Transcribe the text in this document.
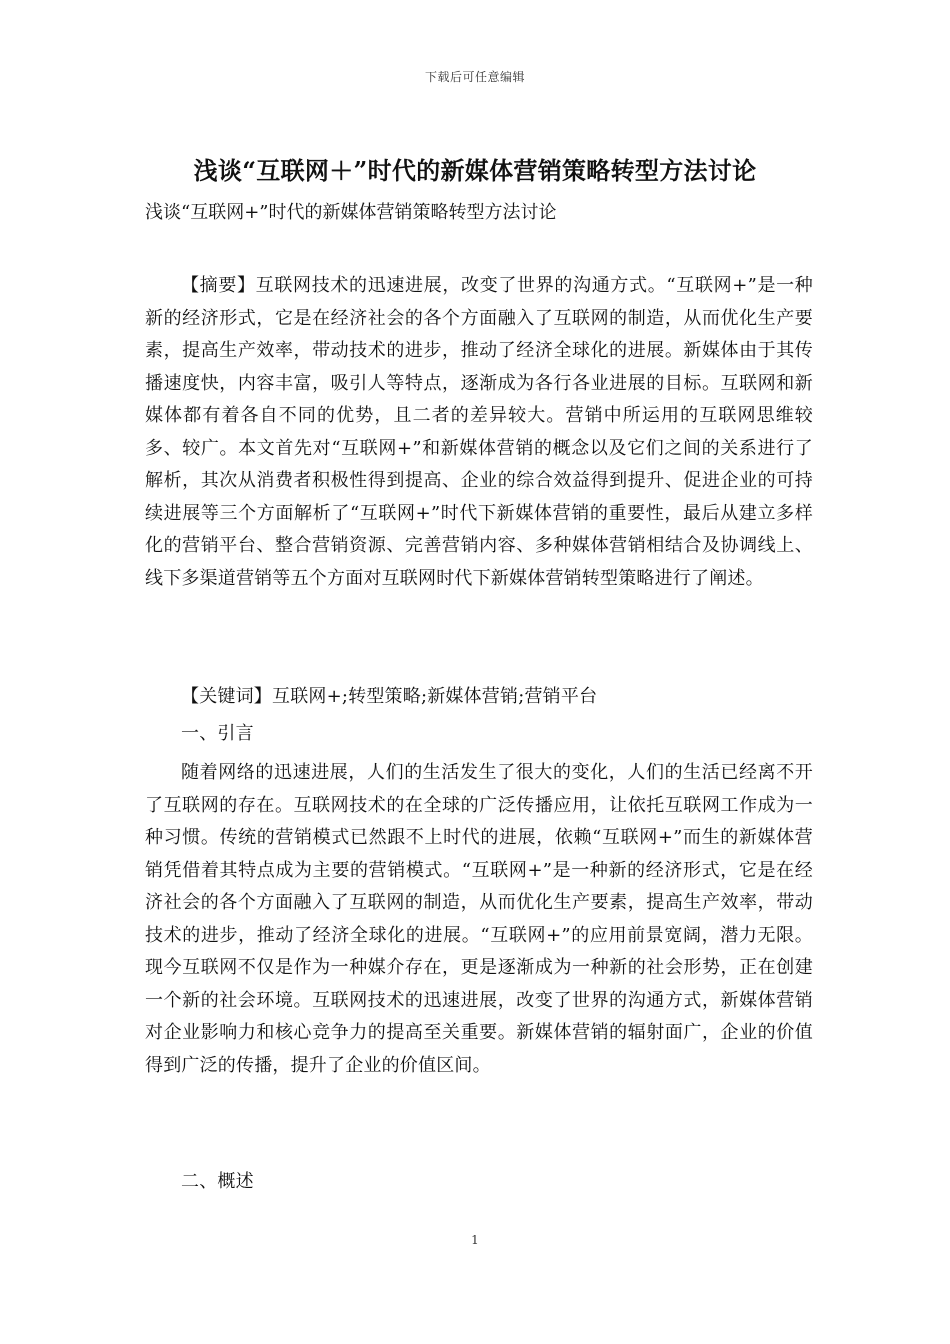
下载后可任意编辑
浅谈“互联网＋”时代的新媒体营销策略转型方法讨论
浅谈“互联网+”时代的新媒体营销策略转型方法讨论
【摘要】互联网技术的迅速进展，改变了世界的沟通方式。“互联网+”是一种新的经济形式，它是在经济社会的各个方面融入了互联网的制造，从而优化生产要素，提高生产效率，带动技术的进步，推动了经济全球化的进展。新媒体由于其传播速度快，内容丰富，吸引人等特点，逐渐成为各行各业进展的目标。互联网和新媒体都有着各自不同的优势，且二者的差异较大。营销中所运用的互联网思维较多、较广。本文首先对“互联网+”和新媒体营销的概念以及它们之间的关系进行了解析，其次从消费者积极性得到提高、企业的综合效益得到提升、促进企业的可持续进展等三个方面解析了“互联网+”时代下新媒体营销的重要性，最后从建立多样化的营销平台、整合营销资源、完善营销内容、多种媒体营销相结合及协调线上、线下多渠道营销等五个方面对互联网时代下新媒体营销转型策略进行了阐述。
【关键词】互联网+;转型策略;新媒体营销;营销平台
一、引言
随着网络的迅速进展，人们的生活发生了很大的变化，人们的生活已经离不开了互联网的存在。互联网技术的在全球的广泛传播应用，让依托互联网工作成为一种习惯。传统的营销模式已然跟不上时代的进展，依赖“互联网+”而生的新媒体营销凭借着其特点成为主要的营销模式。“互联网+”是一种新的经济形式，它是在经济社会的各个方面融入了互联网的制造，从而优化生产要素，提高生产效率，带动技术的进步，推动了经济全球化的进展。“互联网+”的应用前景宽阔，潜力无限。现今互联网不仅是作为一种媒介存在，更是逐渐成为一种新的社会形势，正在创建一个新的社会环境。互联网技术的迅速进展，改变了世界的沟通方式，新媒体营销对企业影响力和核心竞争力的提高至关重要。新媒体营销的辐射面广，企业的价值得到广泛的传播，提升了企业的价值区间。
二、概述
1
